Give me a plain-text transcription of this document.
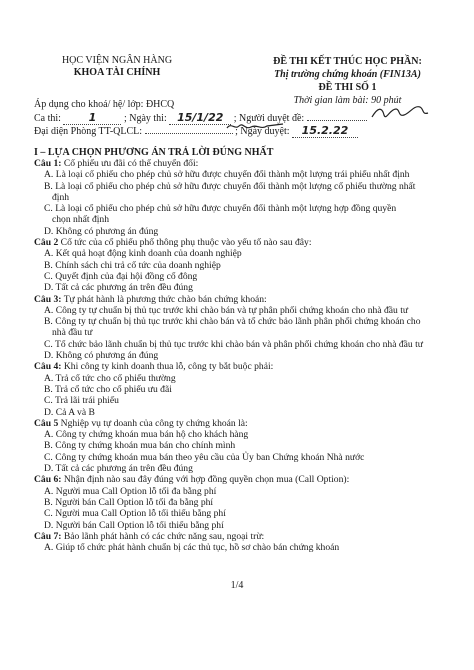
HỌC VIỆN NGÂN HÀNG
KHOA TÀI CHÍNH
ĐỀ THI KẾT THÚC HỌC PHẦN:
Thị trường chứng khoán (FIN13A)
ĐỀ THI SỐ 1
Thời gian làm bài: 90 phút
Áp dụng cho khoá/ hệ/ lớp: ĐHCQ
Ca thi:	1	; Ngày thi: 15/1/22 ; Người duyệt đề:
Đại diện Phòng TT-QLCL:	; Ngày duyệt: 15.2.22
I – LỰA CHỌN PHƯƠNG ÁN TRẢ LỜI ĐÚNG NHẤT

Câu 1: Cổ phiếu ưu đãi có thể chuyển đổi:

A. Là loại cổ phiếu cho phép chủ sở hữu được chuyển đổi thành một lượng trái phiếu nhất định

B. Là loại cổ phiếu cho phép chủ sở hữu được chuyển đổi thành một lượng cổ phiếu thường nhất

định

C. Là loại cổ phiếu cho phép chủ sở hữu được chuyển đổi thành một lượng hợp đồng quyền

chọn nhất định

D. Không có phương án đúng

Câu 2 Cổ tức của cổ phiếu phổ thông phụ thuộc vào yếu tố nào sau đây:

A. Kết quả hoạt động kinh doanh của doanh nghiệp

B. Chính sách chi trả cổ tức của doanh nghiệp

C. Quyết định của đại hội đồng cổ đông

D. Tất cả các phương án trên đều đúng

Câu 3: Tự phát hành là phương thức chào bán chứng khoán:

A. Công ty tự chuẩn bị thủ tục trước khi chào bán và tự phân phối chứng khoán cho nhà đầu tư

B. Công ty tự chuẩn bị thủ tục trước khi chào bán và tổ chức bảo lãnh phân phối chứng khoán cho

nhà đầu tư

C. Tổ chức bảo lãnh chuẩn bị thủ tục trước khi chào bán và phân phối chứng khoán cho nhà đầu tư

D. Không có phương án đúng

Câu 4: Khi công ty kinh doanh thua lỗ, công ty bắt buộc phải:

A. Trả cổ tức cho cổ phiếu thường

B. Trả cổ tức cho cổ phiếu ưu đãi

C. Trả lãi trái phiếu

D. Cả A và B

Câu 5 Nghiệp vụ tự doanh của công ty chứng khoán là:

A. Công ty chứng khoán mua bán hộ cho khách hàng

B. Công ty chứng khoán mua bán cho chính mình

C. Công ty chứng khoán mua bán theo yêu cầu của Ủy ban Chứng khoán Nhà nước

D. Tất cả các phương án trên đều đúng

Câu 6: Nhận định nào sau đây đúng với hợp đồng quyền chọn mua (Call Option):

A. Người mua Call Option lỗ tối đa bằng phí

B. Người bán Call Option lỗ tối đa bằng phí

C. Người mua Call Option lỗ tối thiểu bằng phí

D. Người bán Call Option lỗ tối thiểu bằng phí

Câu 7: Bảo lãnh phát hành có các chức năng sau, ngoại trừ:

A. Giúp tổ chức phát hành chuẩn bị các thủ tục, hồ sơ chào bán chứng khoán

1/4
